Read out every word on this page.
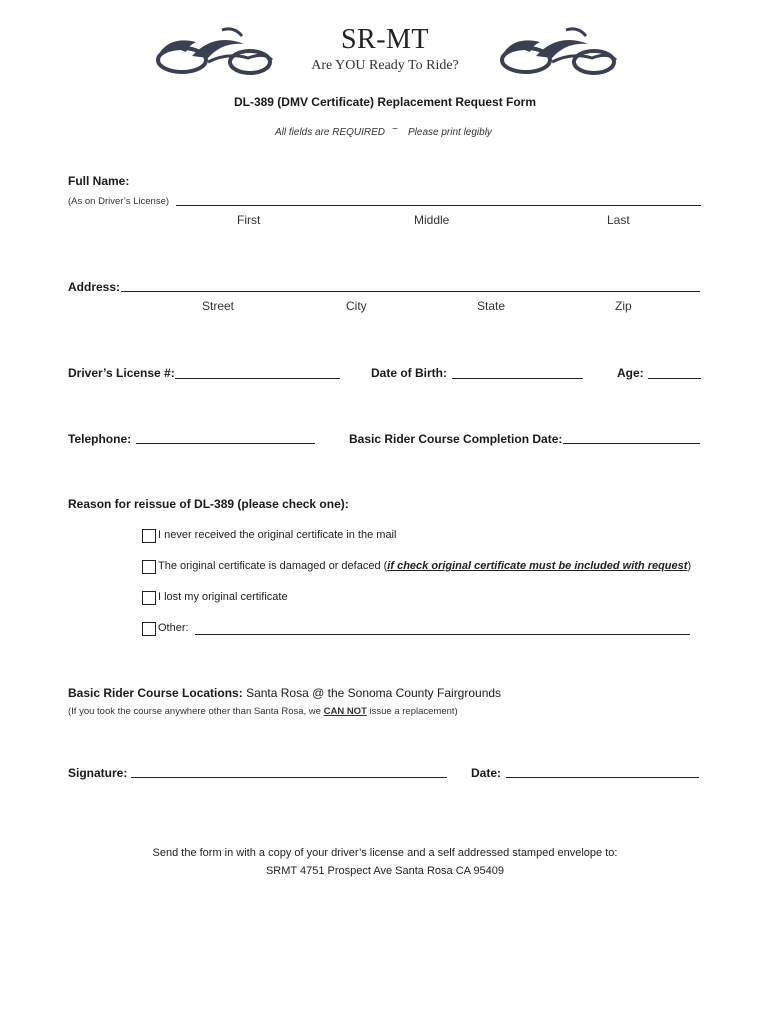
SR-MT
Are YOU Ready To Ride?
DL-389 (DMV Certificate) Replacement Request Form
All fields are REQUIRED ~ Please print legibly
Full Name:
(As on Driver’s License)
First	Middle	Last
Address:
Street	City	State	Zip
Driver’s License #:	Date of Birth:	Age:
Telephone:	Basic Rider Course Completion Date:
Reason for reissue of DL-389 (please check one):
I never received the original certificate in the mail
The original certificate is damaged or defaced (if check original certificate must be included with request)
I lost my original certificate
Other:
Basic Rider Course Locations: Santa Rosa @ the Sonoma County Fairgrounds
(If you took the course anywhere other than Santa Rosa, we CAN NOT issue a replacement)
Signature:	Date:
Send the form in with a copy of your driver’s license and a self addressed stamped envelope to:
SRMT 4751 Prospect Ave Santa Rosa CA 95409
